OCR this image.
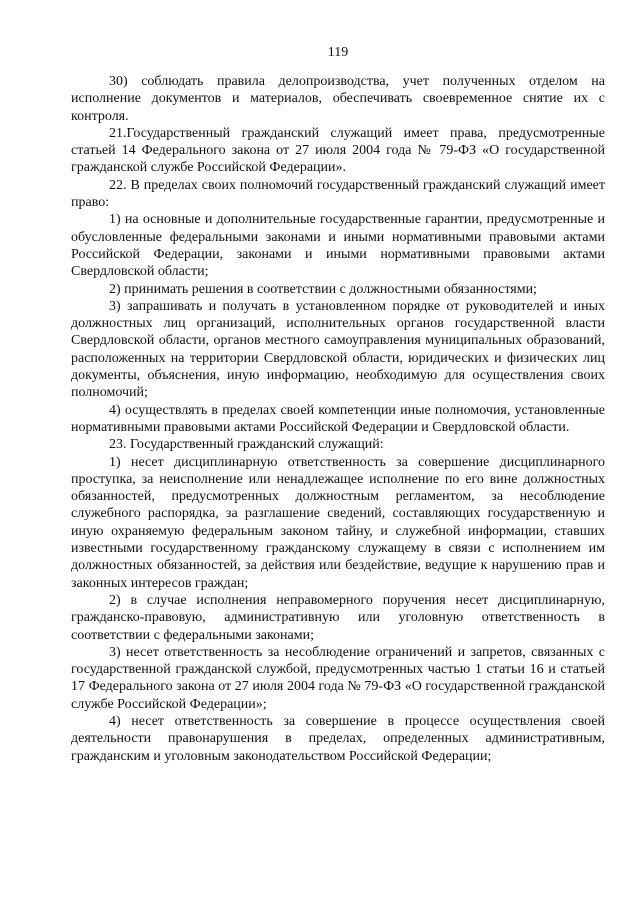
119

30) соблюдать правила делопроизводства, учет полученных отделом на исполнение документов и материалов, обеспечивать своевременное снятие их с контроля.

21.Государственный гражданский служащий имеет права, предусмотренные статьей 14 Федерального закона от 27 июля 2004 года № 79-ФЗ «О государственной гражданской службе Российской Федерации».

22. В пределах своих полномочий государственный гражданский служащий имеет право:

1) на основные и дополнительные государственные гарантии, предусмотренные и обусловленные федеральными законами и иными нормативными правовыми актами Российской Федерации, законами и иными нормативными правовыми актами Свердловской области;

2) принимать решения в соответствии с должностными обязанностями;

3) запрашивать и получать в установленном порядке от руководителей и иных должностных лиц организаций, исполнительных органов государственной власти Свердловской области, органов местного самоуправления муниципальных образований, расположенных на территории Свердловской области, юридических и физических лиц документы, объяснения, иную информацию, необходимую для осуществления своих полномочий;

4) осуществлять в пределах своей компетенции иные полномочия, установленные нормативными правовыми актами Российской Федерации и Свердловской области.

23. Государственный гражданский служащий:

1) несет дисциплинарную ответственность за совершение дисциплинарного проступка, за неисполнение или ненадлежащее исполнение по его вине должностных обязанностей, предусмотренных должностным регламентом, за несоблюдение служебного распорядка, за разглашение сведений, составляющих государственную и иную охраняемую федеральным законом тайну, и служебной информации, ставших известными государственному гражданскому служащему в связи с исполнением им должностных обязанностей, за действия или бездействие, ведущие к нарушению прав и законных интересов граждан;

2) в случае исполнения неправомерного поручения несет дисциплинарную, гражданско-правовую, административную или уголовную ответственность в соответствии с федеральными законами;

3) несет ответственность за несоблюдение ограничений и запретов, связанных с государственной гражданской службой, предусмотренных частью 1 статьи 16 и статьей 17 Федерального закона от 27 июля 2004 года № 79-ФЗ «О государственной гражданской службе Российской Федерации»;

4) несет ответственность за совершение в процессе осуществления своей деятельности правонарушения в пределах, определенных административным, гражданским и уголовным законодательством Российской Федерации;
